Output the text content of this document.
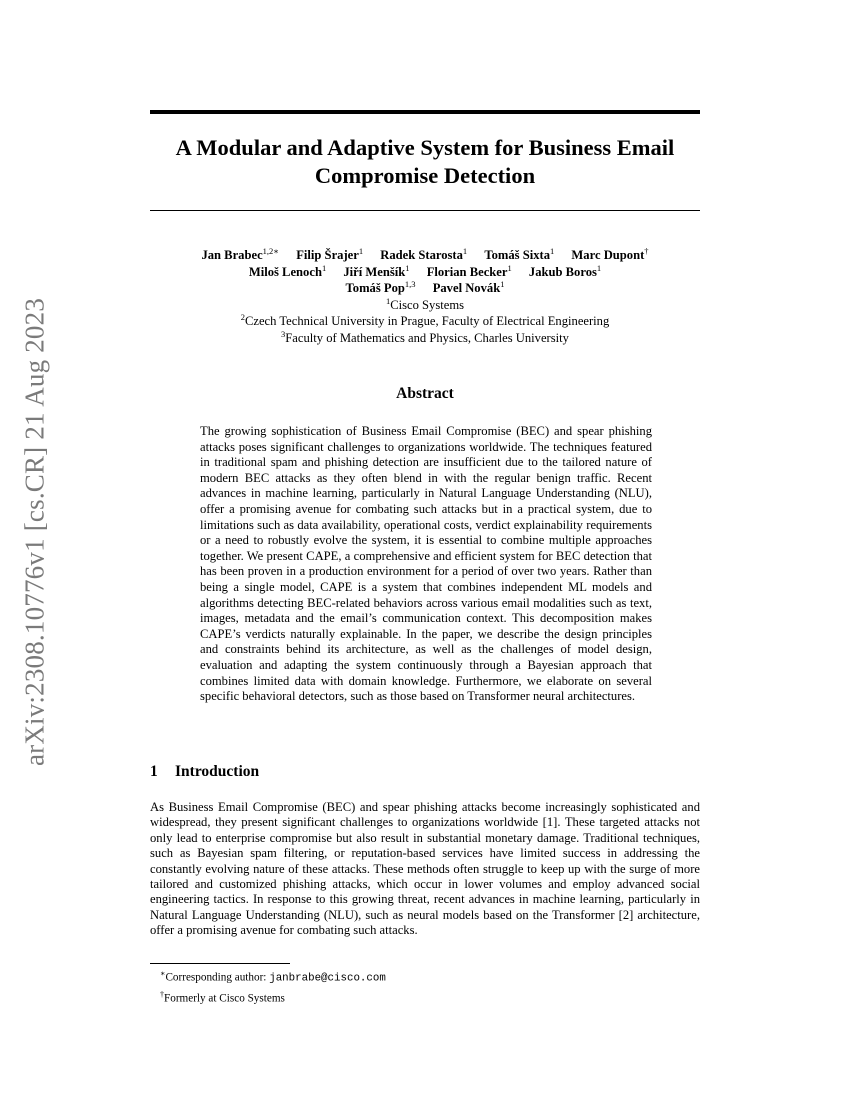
arXiv:2308.10776v1 [cs.CR] 21 Aug 2023
A Modular and Adaptive System for Business Email
Compromise Detection
Jan Brabec$^{1,2∗}$ Filip Šrajer$^1$ Radek Starosta$^1$ Tomáš Sixta$^1$ Marc Dupont†
Miloš Lenoch$^1$ Jiří Menšík$^1$ Florian Becker$^1$ Jakub Boros$^1$
Tomáš Pop$^{1,3}$ Pavel Novák$^1$
$^1$Cisco Systems
$^2$Czech Technical University in Prague, Faculty of Electrical Engineering
$^3$Faculty of Mathematics and Physics, Charles University
Abstract
The growing sophistication of Business Email Compromise (BEC) and spear phishing attacks poses significant challenges to organizations worldwide. The techniques featured in traditional spam and phishing detection are insufficient due to the tailored nature of modern BEC attacks as they often blend in with the regular benign traffic. Recent advances in machine learning, particularly in Natural Language Understanding (NLU), offer a promising avenue for combating such attacks but in a practical system, due to limitations such as data availability, operational costs, verdict explainability requirements or a need to robustly evolve the system, it is essential to combine multiple approaches together. We present CAPE, a comprehensive and efficient system for BEC detection that has been proven in a production environment for a period of over two years. Rather than being a single model, CAPE is a system that combines independent ML models and algorithms detecting BEC-related behaviors across various email modalities such as text, images, metadata and the email’s communication context. This decomposition makes CAPE’s verdicts naturally explainable. In the paper, we describe the design principles and constraints behind its architecture, as well as the challenges of model design, evaluation and adapting the system continuously through a Bayesian approach that combines limited data with domain knowledge. Furthermore, we elaborate on several specific behavioral detectors, such as those based on Transformer neural architectures.
1 Introduction
As Business Email Compromise (BEC) and spear phishing attacks become increasingly sophisticated and widespread, they present significant challenges to organizations worldwide [1]. These targeted attacks not only lead to enterprise compromise but also result in substantial monetary damage. Traditional techniques, such as Bayesian spam filtering, or reputation-based services have limited success in addressing the constantly evolving nature of these attacks. These methods often struggle to keep up with the surge of more tailored and customized phishing attacks, which occur in lower volumes and employ advanced social engineering tactics. In response to this growing threat, recent advances in machine learning, particularly in Natural Language Understanding (NLU), such as neural models based on the Transformer [2] architecture, offer a promising avenue for combating such attacks.
∗Corresponding author: janbrabe@cisco.com
†Formerly at Cisco Systems
